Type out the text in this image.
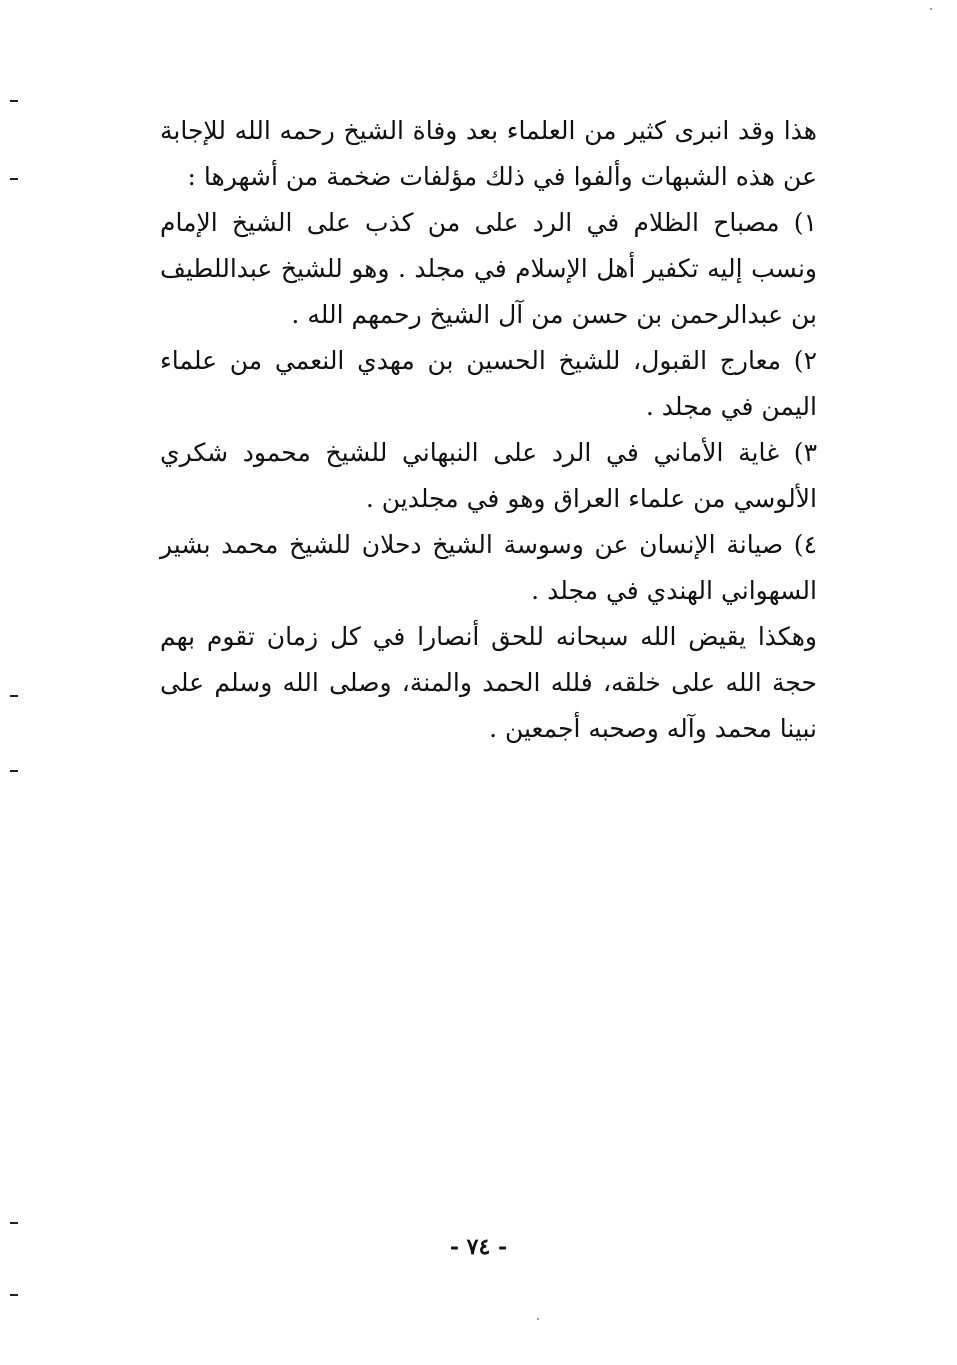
هذا وقد انبرى كثير من العلماء بعد وفاة الشيخ رحمه الله للإجابة عن هذه الشبهات وألفوا في ذلك مؤلفات ضخمة من أشهرها :

١) مصباح الظلام في الرد على من كذب على الشيخ الإمام ونسب إليه تكفير أهل الإسلام في مجلد . وهو للشيخ عبداللطيف بن عبدالرحمن بن حسن من آل الشيخ رحمهم الله .

٢) معارج القبول، للشيخ الحسين بن مهدي النعمي من علماء اليمن في مجلد .

٣) غاية الأماني في الرد على النبهاني للشيخ محمود شكري الألوسي من علماء العراق وهو في مجلدين .

٤) صيانة الإنسان عن وسوسة الشيخ دحلان للشيخ محمد بشير السهواني الهندي في مجلد .

وهكذا يقيض الله سبحانه للحق أنصارا في كل زمان تقوم بهم حجة الله على خلقه، فلله الحمد والمنة، وصلى الله وسلم على نبينا محمد وآله وصحبه أجمعين .

- ٧٤ -
